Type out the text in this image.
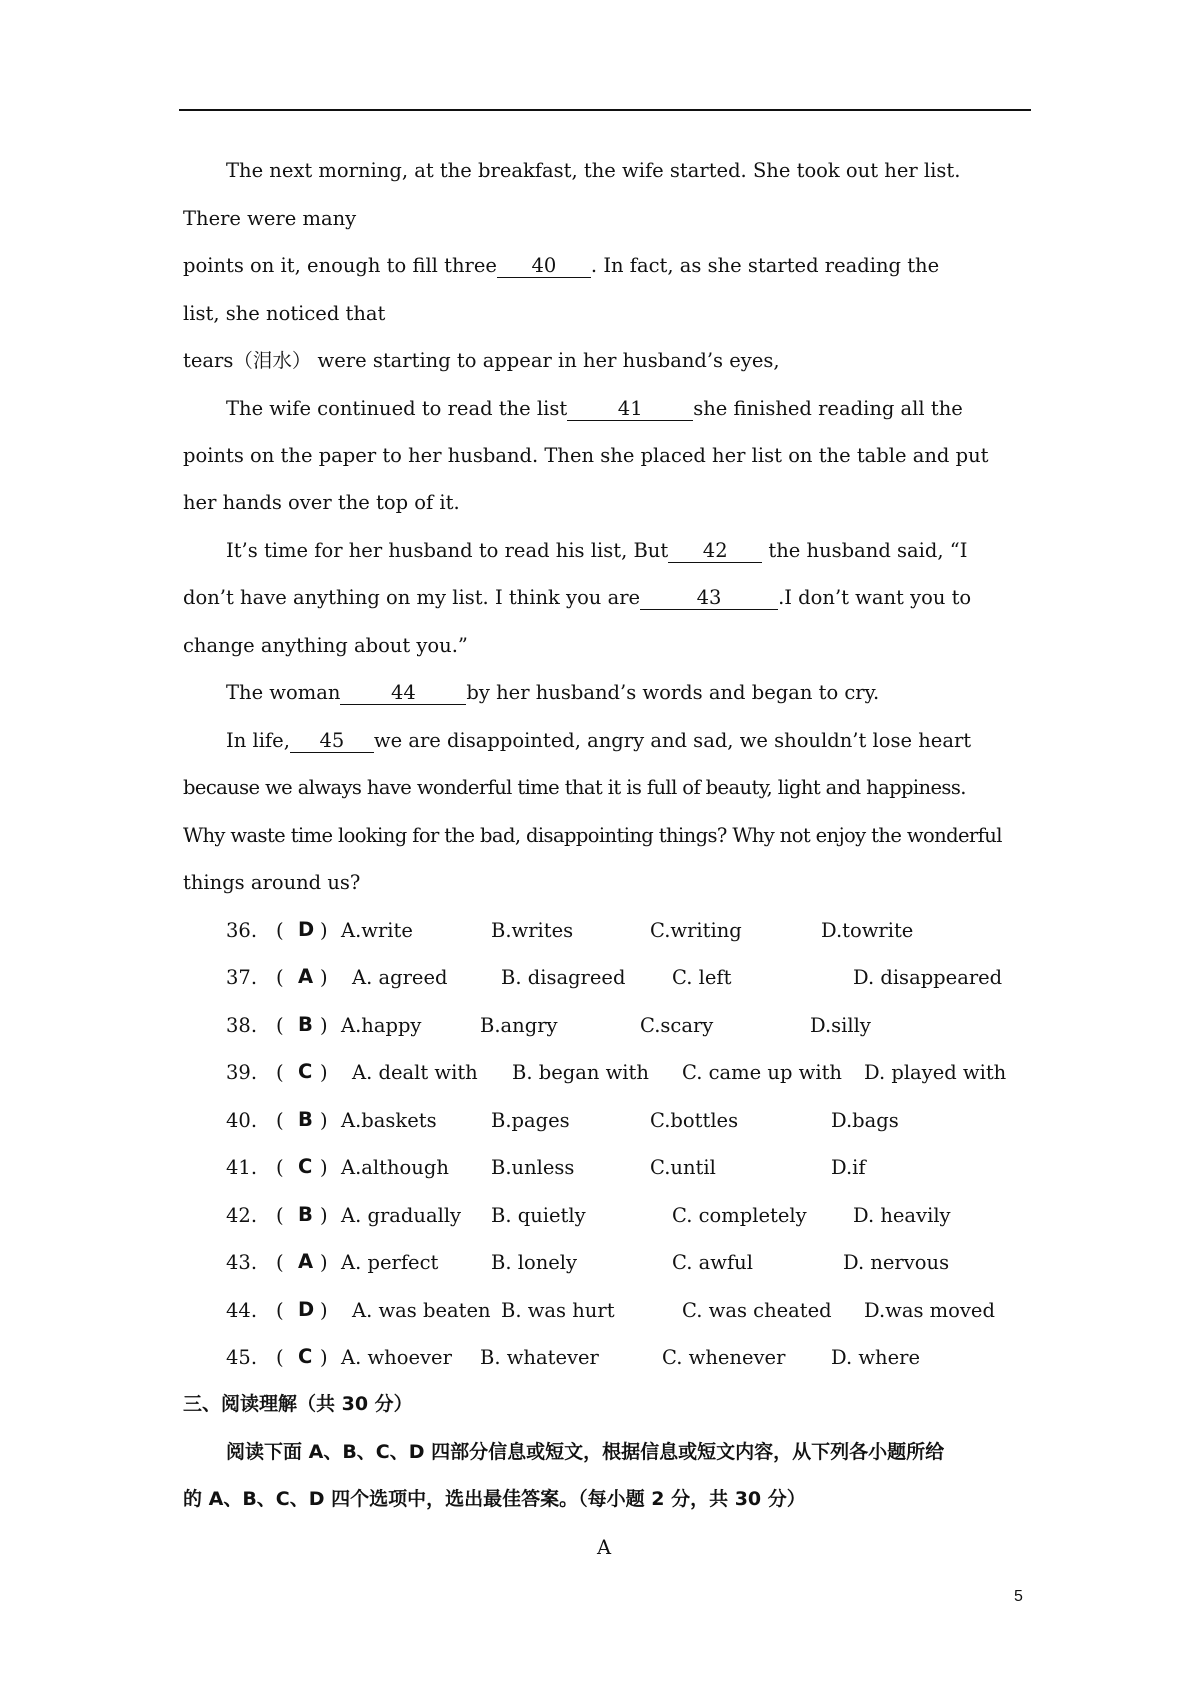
The next morning, at the breakfast, the wife started. She took out her list.
There were many
points on it, enough to fill three 40 . In fact, as she started reading the
list, she noticed that
tears（泪水） were starting to appear in her husband’s eyes,
The wife continued to read the list	41	she finished reading all the
points on the paper to her husband. Then she placed her list on the table and put
her hands over the top of it.
It’s time for her husband to read his list, But 42 the husband said, “I
don’t have anything on my list. I think you are	43	.I don’t want you to
change anything about you.”
The woman	44	by her husband’s words and began to cry.
In life, 45 we are disappointed, angry and sad, we shouldn’t lose heart
because we always have wonderful time that it is full of beauty, light and happiness.
Why waste time looking for the bad, disappointing things? Why not enjoy the wonderful
things around us?
36. ( D ) A.write	B.writes	C.writing	D.towrite
37. ( A ) A. agreed	B. disagreed C. left	D. disappeared
38. ( B ) A.happy	B.angry	C.scary	D.silly
39. ( C ) A. dealt with B. began with C. came up with D. played with
40. ( B ) A.baskets	B.pages	C.bottles	D.bags
41. ( C ) A.although B.unless	C.until	D.if
42. ( B ) A. gradually B. quietly	C. completely D. heavily
43. ( A ) A. perfect	B. lonely	C. awful	D. nervous
44. ( D ) A. was beaten B. was hurt	C. was cheated D.was moved
45. ( C ) A. whoever B. whatever	C. whenever D. where
三、阅读理解（共 30 分）
阅读下面 A、B、C、D 四部分信息或短文，根据信息或短文内容，从下列各小题所给
的 A、B、C、D 四个选项中，选出最佳答案。（每小题 2 分，共 30 分）
A
5
